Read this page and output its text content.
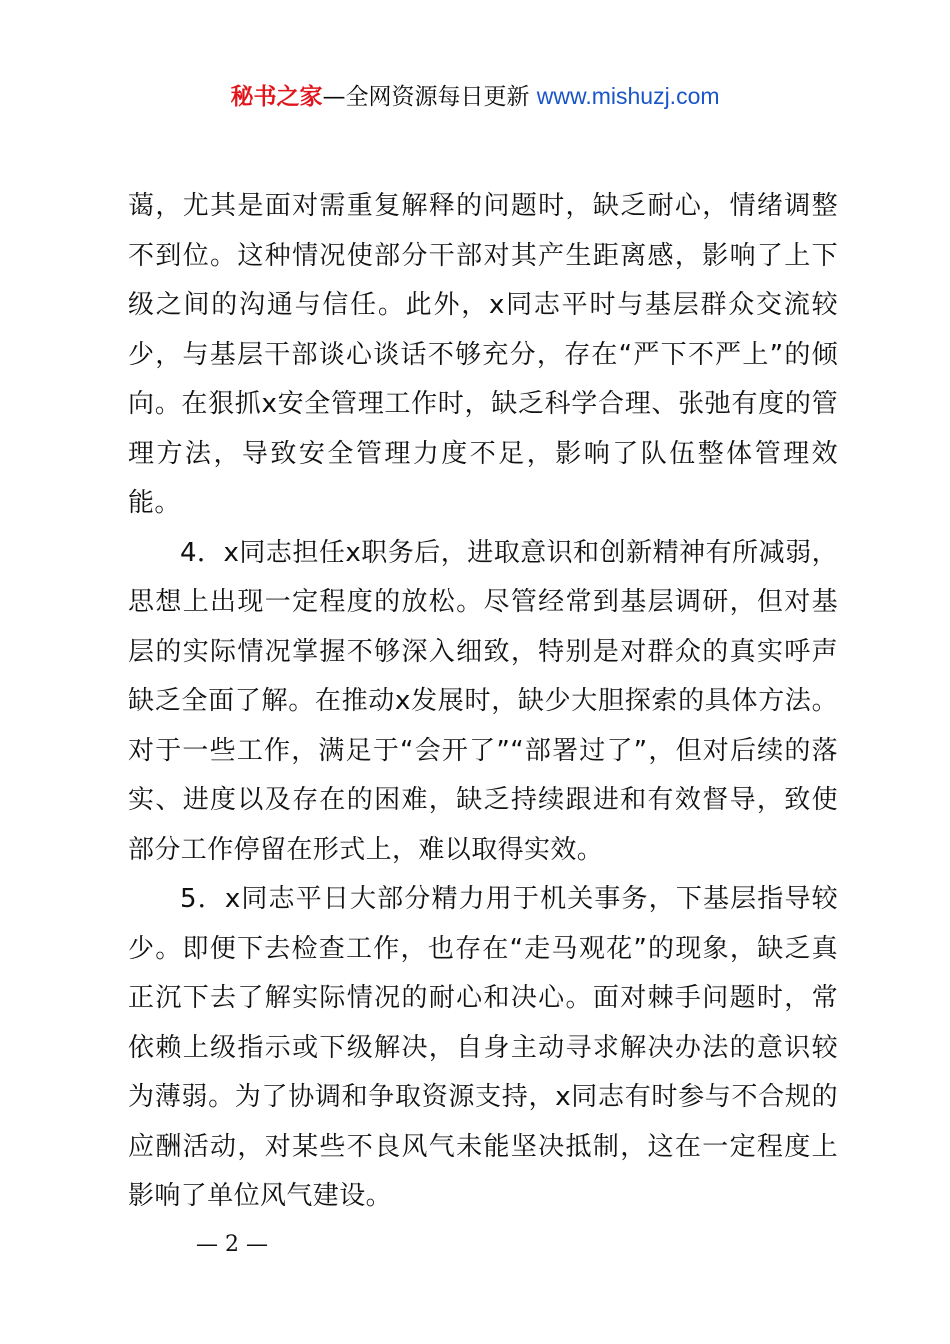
秘书之家—全网资源每日更新 www.mishuzj.com

蔼，尤其是面对需重复解释的问题时，缺乏耐心，情绪调整不到位。这种情况使部分干部对其产生距离感，影响了上下级之间的沟通与信任。此外，x同志平时与基层群众交流较少，与基层干部谈心谈话不够充分，存在“严下不严上”的倾向。在狠抓x安全管理工作时，缺乏科学合理、张弛有度的管理方法，导致安全管理力度不足，影响了队伍整体管理效能。

4．x同志担任x职务后，进取意识和创新精神有所减弱，思想上出现一定程度的放松。尽管经常到基层调研，但对基层的实际情况掌握不够深入细致，特别是对群众的真实呼声缺乏全面了解。在推动x发展时，缺少大胆探索的具体方法。对于一些工作，满足于“会开了”“部署过了”，但对后续的落实、进度以及存在的困难，缺乏持续跟进和有效督导，致使部分工作停留在形式上，难以取得实效。

5．x同志平日大部分精力用于机关事务，下基层指导较少。即便下去检查工作，也存在“走马观花”的现象，缺乏真正沉下去了解实际情况的耐心和决心。面对棘手问题时，常依赖上级指示或下级解决，自身主动寻求解决办法的意识较为薄弱。为了协调和争取资源支持，x同志有时参与不合规的应酬活动，对某些不良风气未能坚决抵制，这在一定程度上影响了单位风气建设。

— 2 —
